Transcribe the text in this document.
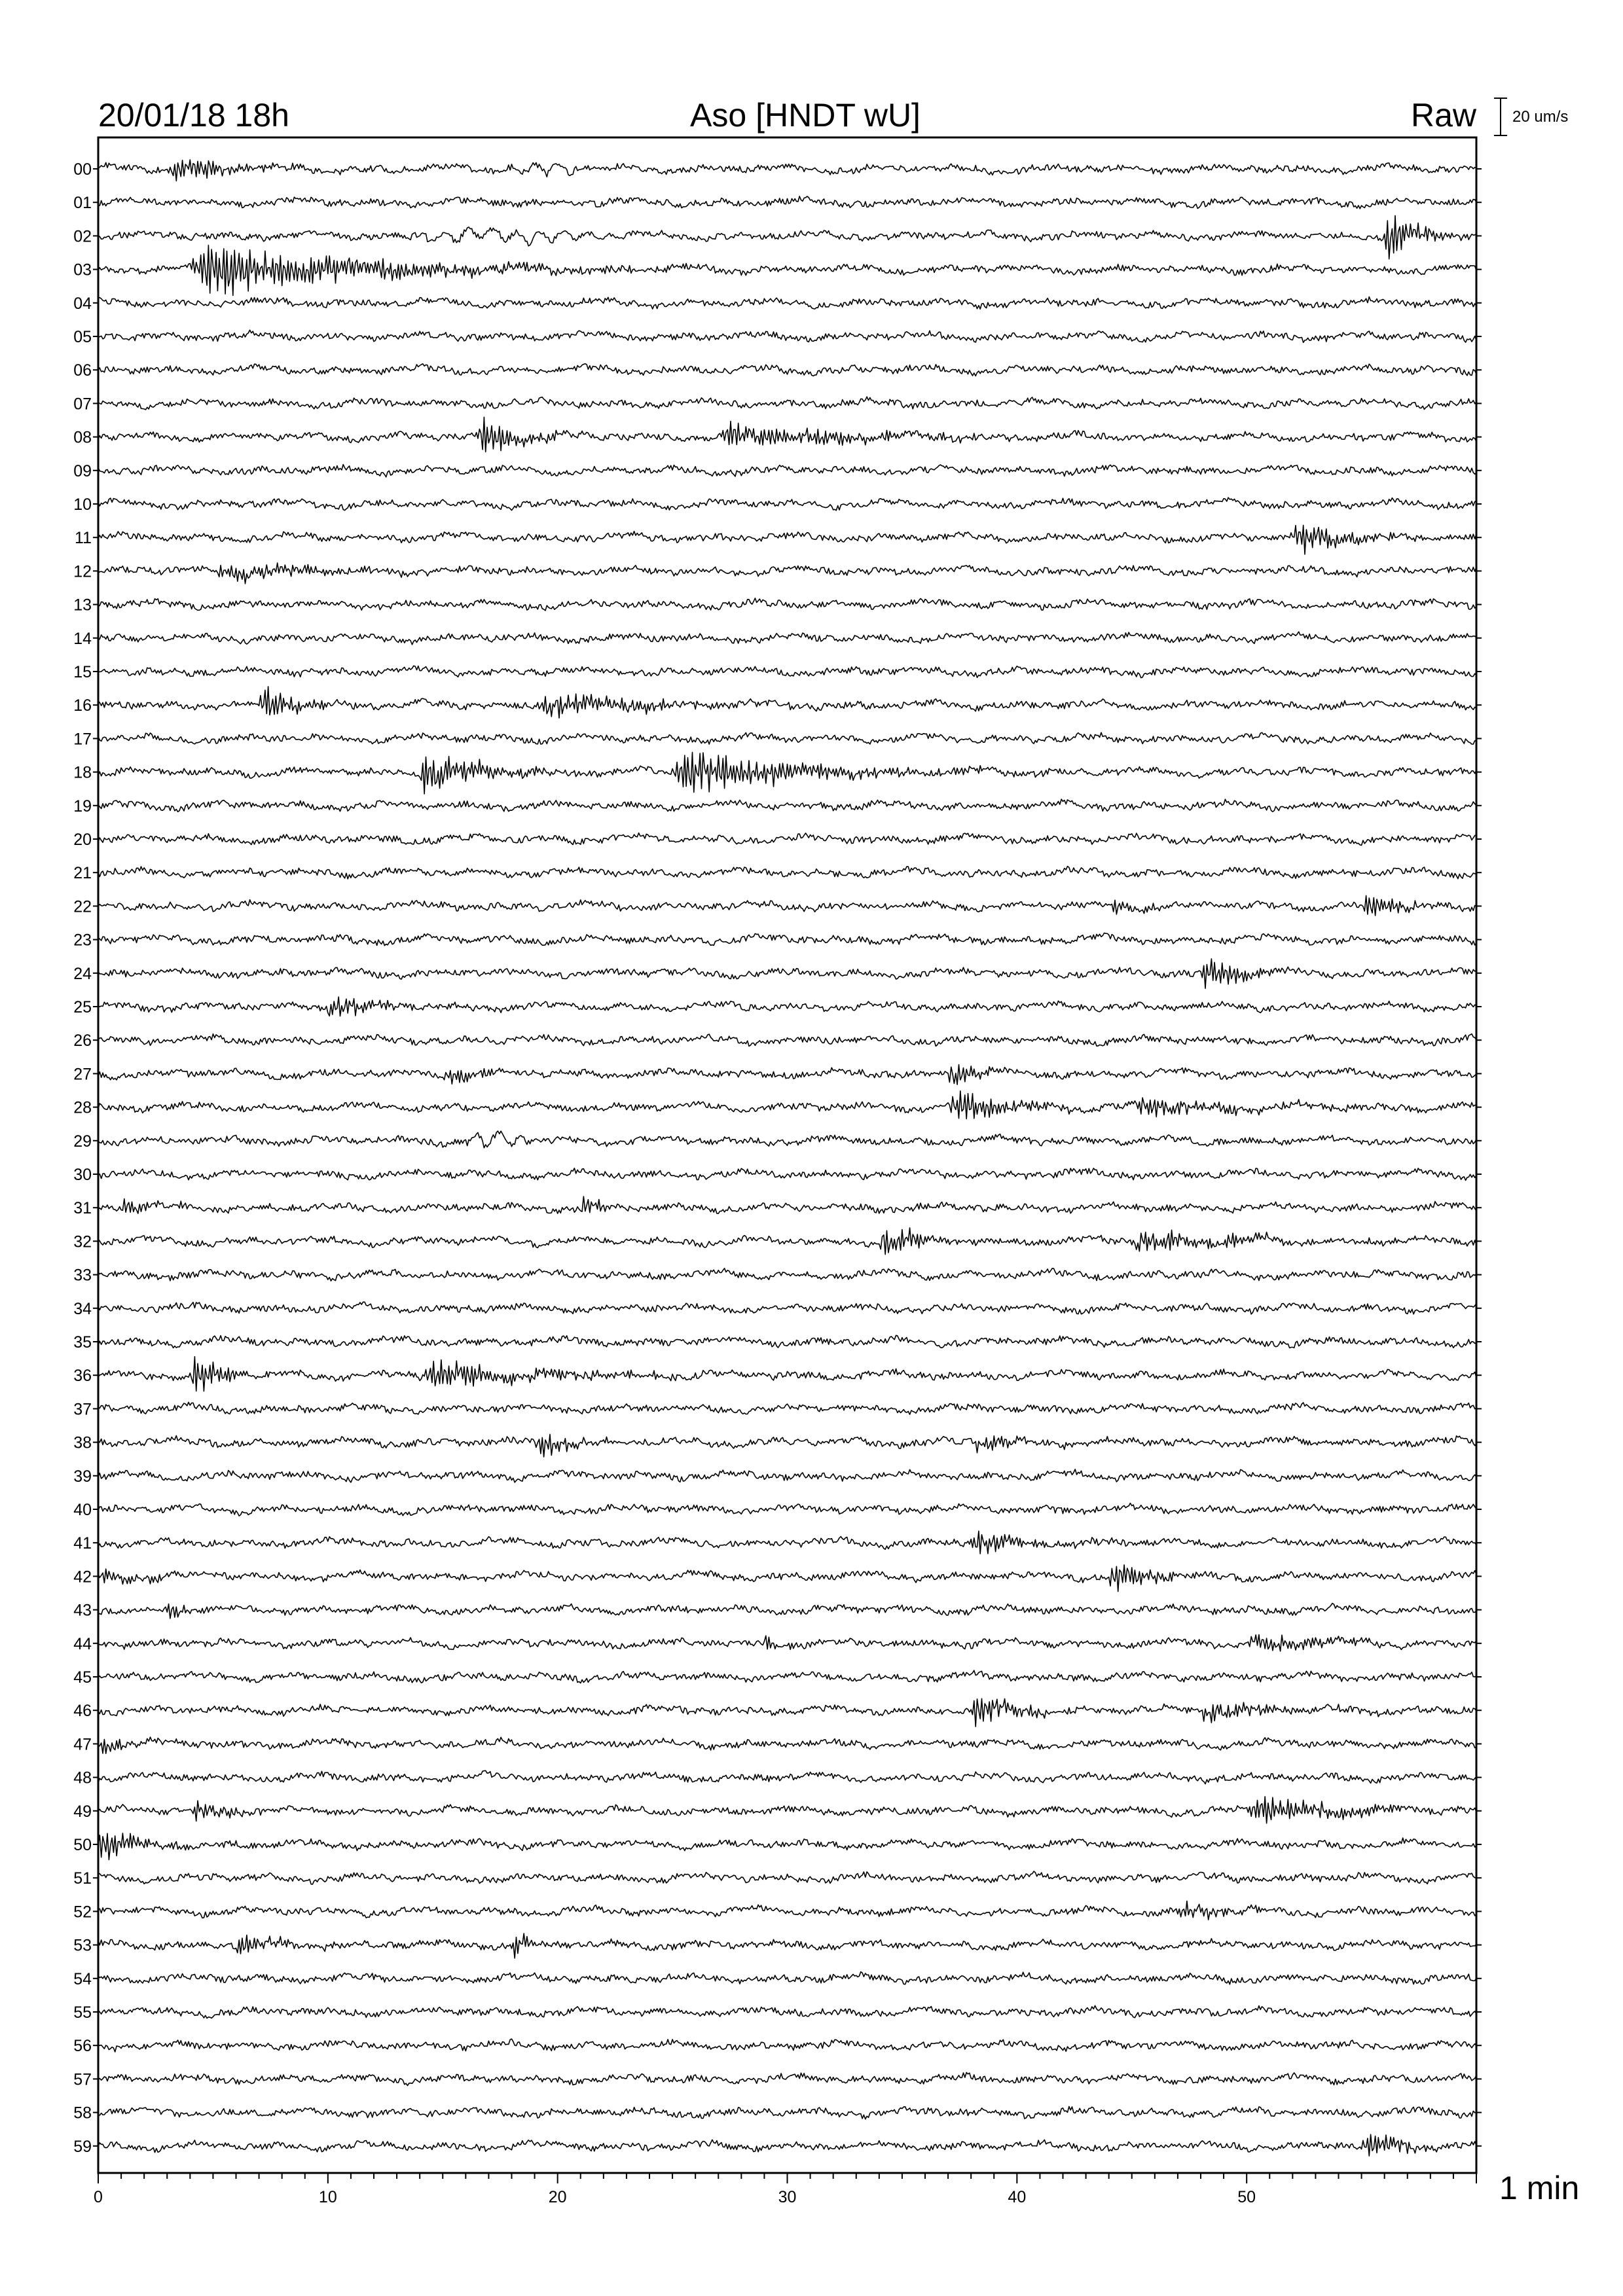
20/01/18 18h	Aso [HNDT wU]	Raw 20 um/s
00
01
02
03
04
05
06
07
08
09
10
11
12
13
14
15
16
17
18
19
20
21
22
23
24
25
26
27
28
29
30
31
32
33
34
35
36
37
38
39
40
41
42
43
44
45
46
47
48
49
50
51
52
53
54
55
56
57
58
59
0	10	20	30	40	50	1 min
